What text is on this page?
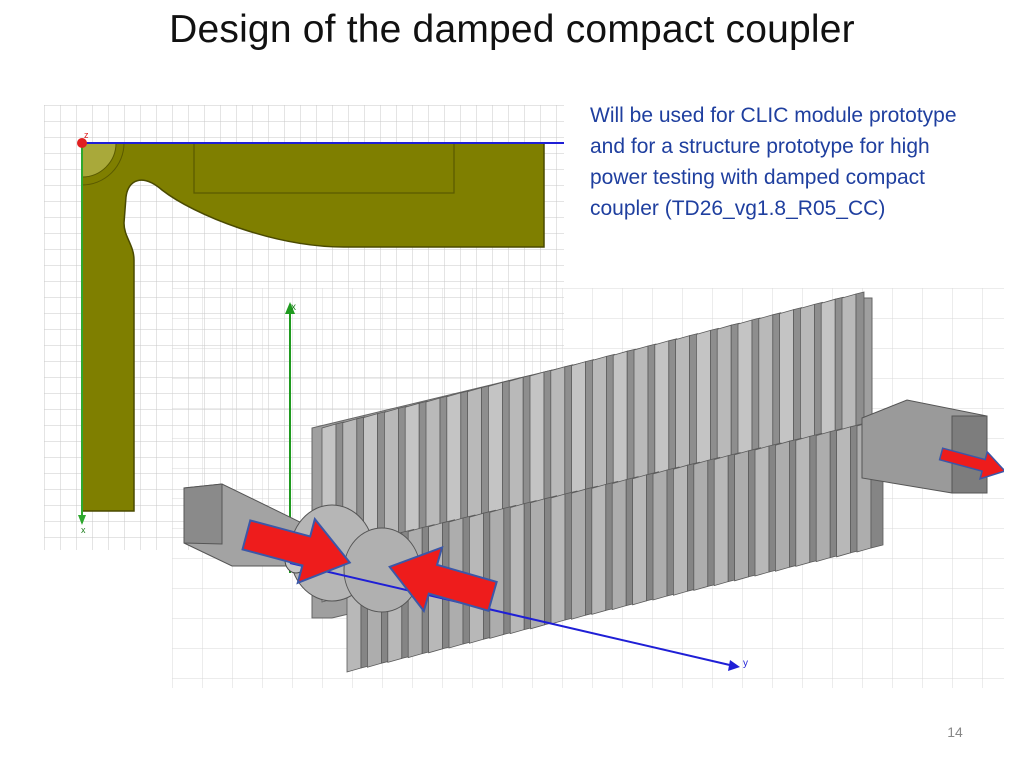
Design of the damped compact coupler
Will be used for CLIC module prototype
and for a structure prototype for high
power testing with damped compact
coupler (TD26_vg1.8_R05_CC)
z
x
x
y
14
